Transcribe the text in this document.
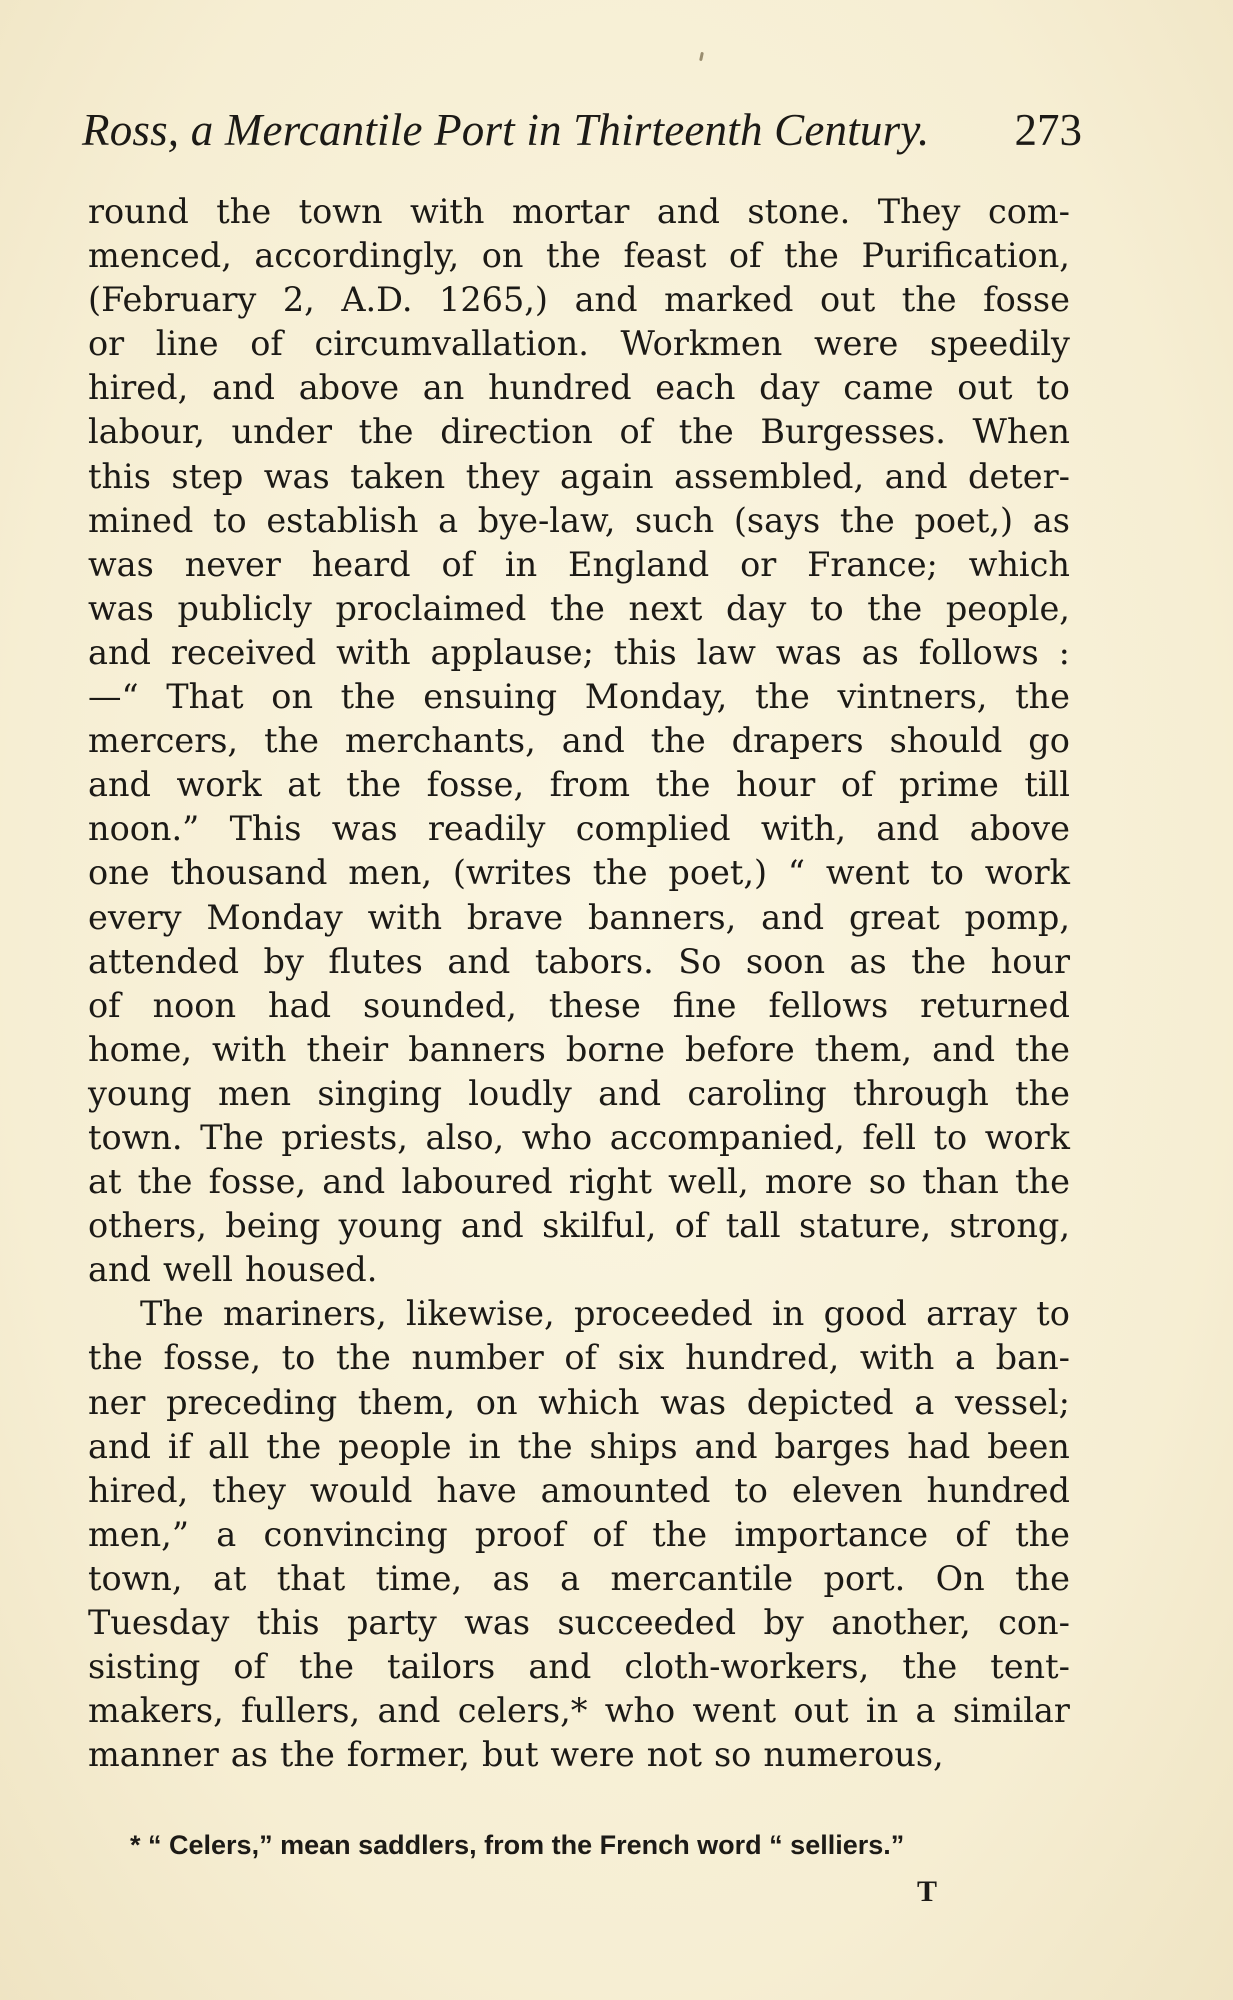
Ross, a Mercantile Port in Thirteenth Century. 273
round the town with mortar and stone. They com-
menced, accordingly, on the feast of the Purification,
(February 2, A.D. 1265,) and marked out the fosse
or line of circumvallation. Workmen were speedily
hired, and above an hundred each day came out to
labour, under the direction of the Burgesses. When
this step was taken they again assembled, and deter-
mined to establish a bye-law, such (says the poet,) as
was never heard of in England or France; which
was publicly proclaimed the next day to the people,
and received with applause; this law was as follows :
—“ That on the ensuing Monday, the vintners, the
mercers, the merchants, and the drapers should go
and work at the fosse, from the hour of prime till
noon.” This was readily complied with, and above
one thousand men, (writes the poet,) “ went to work
every Monday with brave banners, and great pomp,
attended by flutes and tabors. So soon as the hour
of noon had sounded, these fine fellows returned
home, with their banners borne before them, and the
young men singing loudly and caroling through the
town. The priests, also, who accompanied, fell to work
at the fosse, and laboured right well, more so than the
others, being young and skilful, of tall stature, strong,
and well housed.
The mariners, likewise, proceeded in good array to
the fosse, to the number of six hundred, with a ban-
ner preceding them, on which was depicted a vessel;
and if all the people in the ships and barges had been
hired, they would have amounted to eleven hundred
men,” a convincing proof of the importance of the
town, at that time, as a mercantile port. On the
Tuesday this party was succeeded by another, con-
sisting of the tailors and cloth-workers, the tent-
makers, fullers, and celers,* who went out in a similar
manner as the former, but were not so numerous,
* “ Celers,” mean saddlers, from the French word “ selliers.”
T
